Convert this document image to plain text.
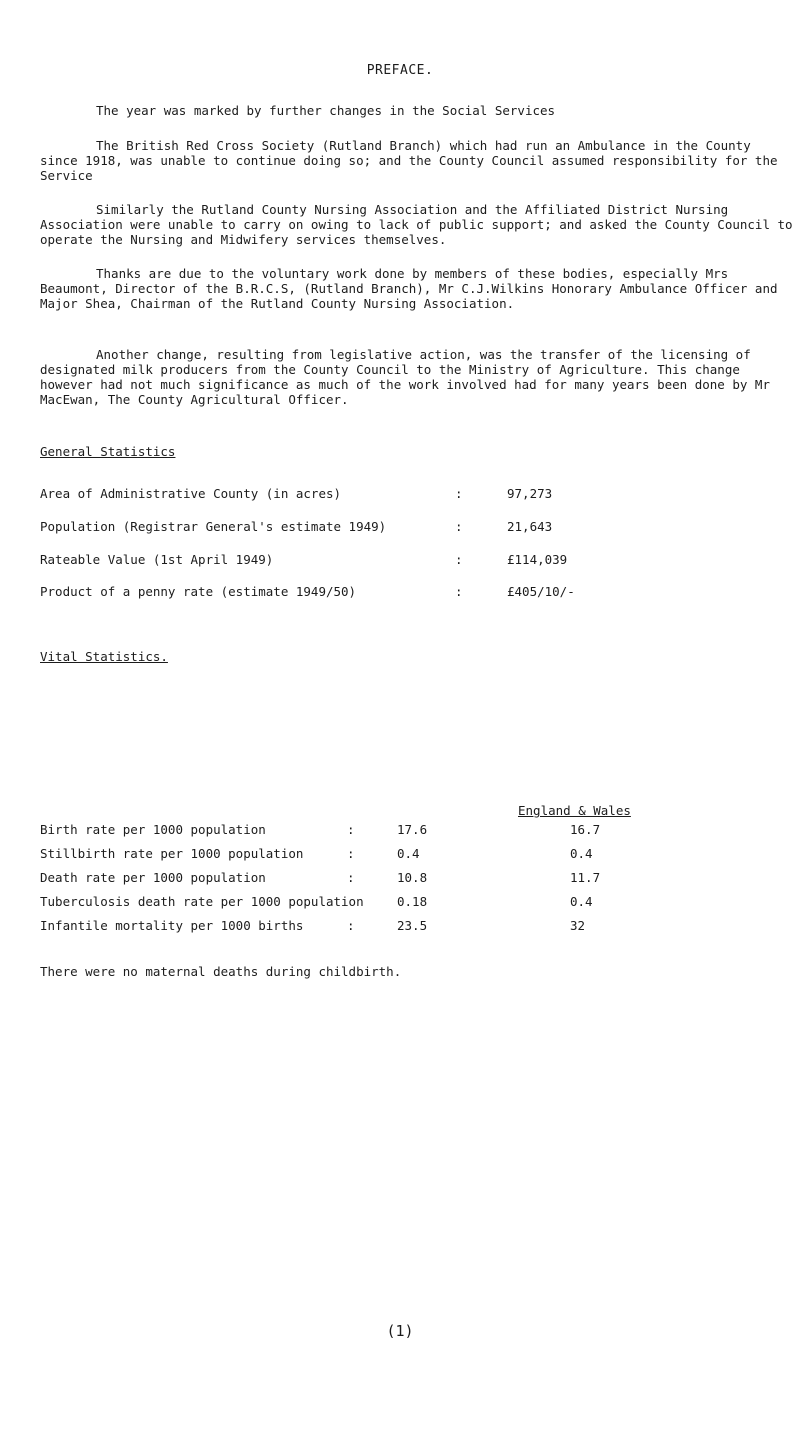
PREFACE.

The year was marked by further changes in the Social Services

The British Red Cross Society (Rutland Branch) which had run an Ambulance in the County since 1918, was unable to continue doing so; and the County Council assumed responsibility for the Service

Similarly the Rutland County Nursing Association and the Affiliated District Nursing Association were unable to carry on owing to lack of public support; and asked the County Council to operate the Nursing and Midwifery services themselves.

Thanks are due to the voluntary work done by members of these bodies, especially Mrs Beaumont, Director of the B.R.C.S, (Rutland Branch), Mr C.J.Wilkins Honorary Ambulance Officer and Major Shea, Chairman of the Rutland County Nursing Association.

Another change, resulting from legislative action, was the transfer of the licensing of designated milk producers from the County Council to the Ministry of Agriculture. This change however had not much significance as much of the work involved had for many years been done by Mr MacEwan, The County Agricultural Officer.

General Statistics
Area of Administrative County (in acres)	:	97,273
Population (Registrar General's estimate 1949)	:	21,643
Rateable Value (1st April 1949)	:	£114,039
Product of a penny rate (estimate 1949/50)	:	£405/10/-
Vital Statistics.
England & Wales
Birth rate per 1000 population	:	17.6	16.7
Stillbirth rate per 1000 population	:	0.4	0.4
Death rate per 1000 population	:	10.8	11.7
Tuberculosis death rate per 1000 population	0.18	0.4
Infantile mortality per 1000 births	:	23.5	32
There were no maternal deaths during childbirth.
(1)
